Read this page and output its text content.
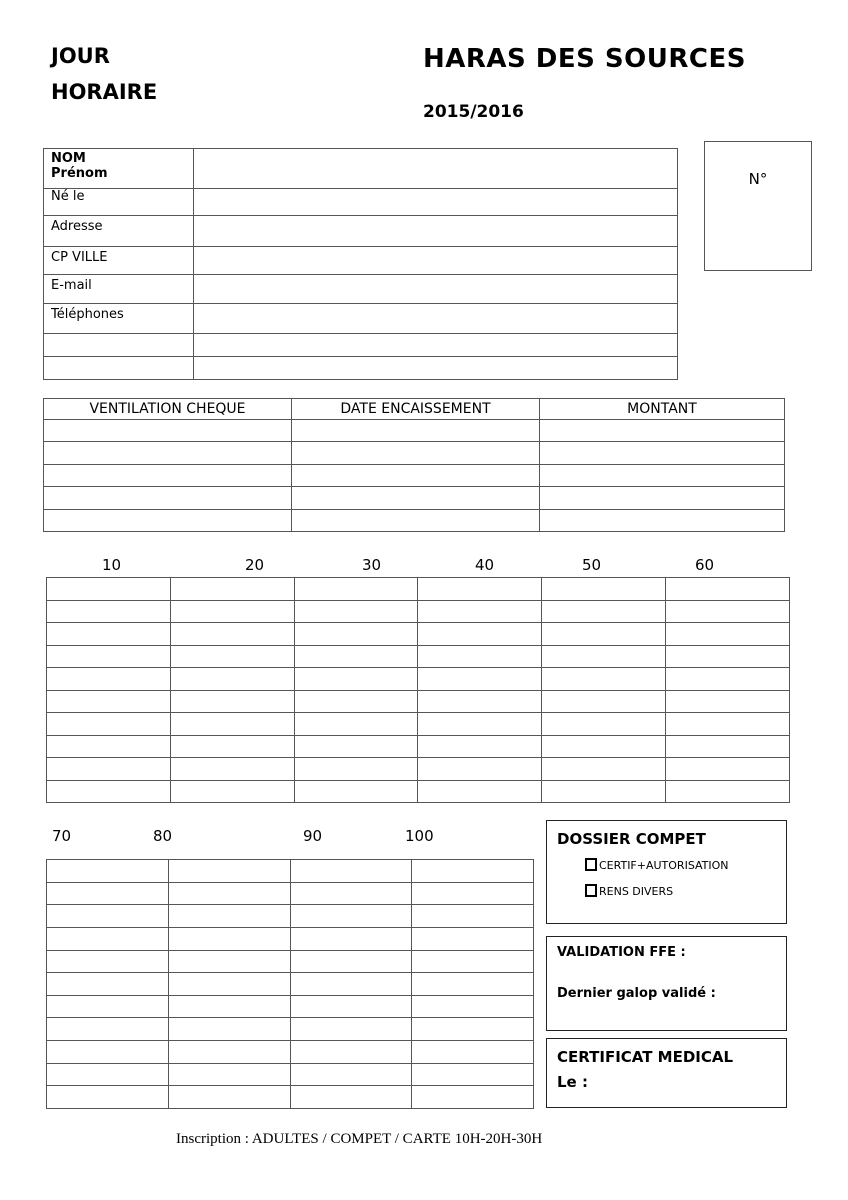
JOUR
HORAIRE
HARAS DES SOURCES
2015/2016
NOM
Prénom	

Né le	
Adresse	
CP VILLE	
E-mail	
Téléphones	

N°
VENTILATION CHEQUE	DATE ENCAISSEMENT	MONTANT

10	20	30	40	50	60

70	80	90	100

				DOSSIER COMPET
CERTIF+AUTORISATION
RENS DIVERS
VALIDATION FFE :
Dernier galop validé :
CERTIFICAT MEDICAL
Le :
Inscription : ADULTES / COMPET / CARTE 10H-20H-30H
